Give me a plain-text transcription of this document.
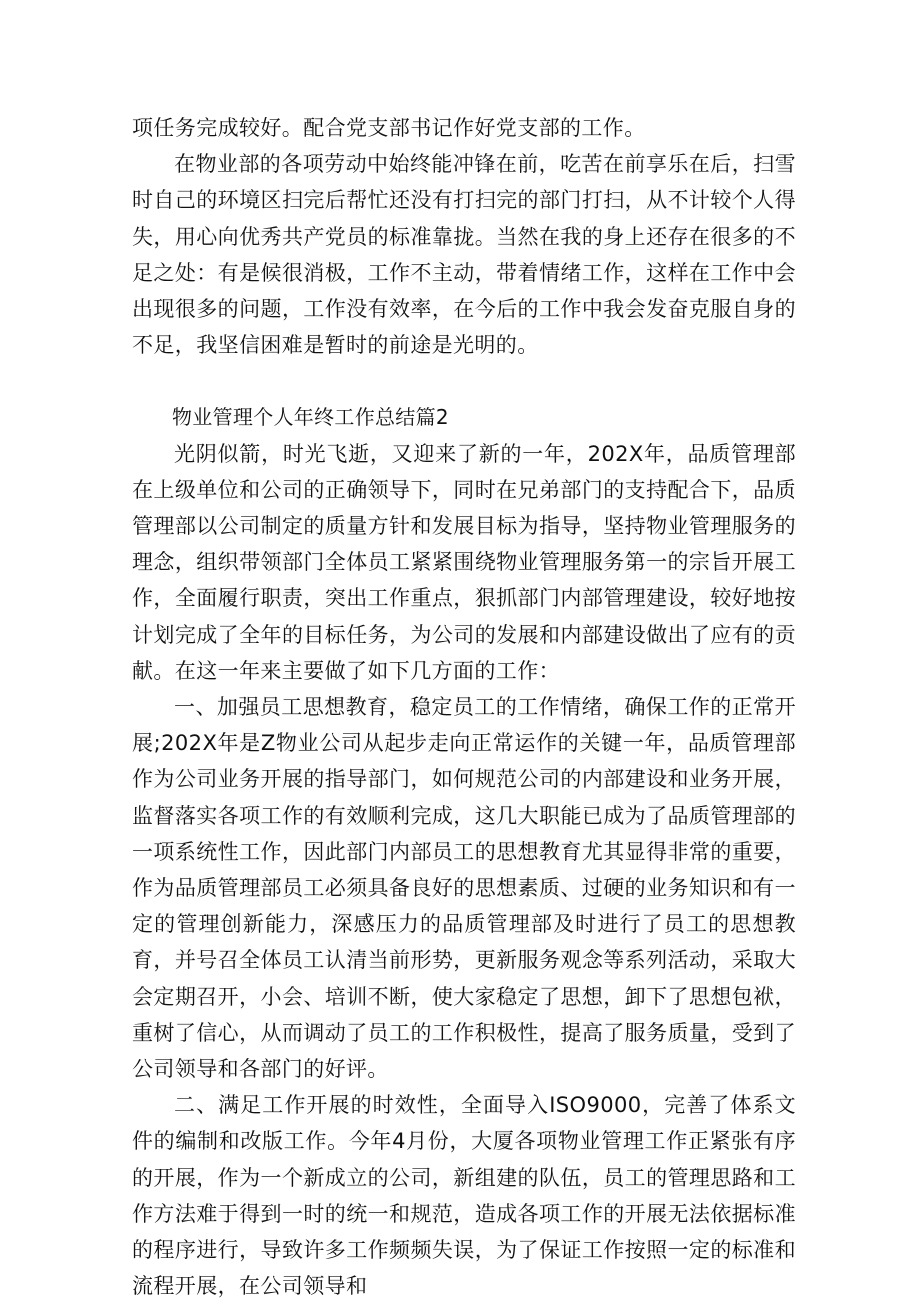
项任务完成较好。配合党支部书记作好党支部的工作。

在物业部的各项劳动中始终能冲锋在前，吃苦在前享乐在后，扫雪时自己的环境区扫完后帮忙还没有打扫完的部门打扫，从不计较个人得失，用心向优秀共产党员的标准靠拢。当然在我的身上还存在很多的不足之处：有是候很消极，工作不主动，带着情绪工作，这样在工作中会出现很多的问题，工作没有效率，在今后的工作中我会发奋克服自身的不足，我坚信困难是暂时的前途是光明的。

物业管理个人年终工作总结篇2

光阴似箭，时光飞逝，又迎来了新的一年，202X年，品质管理部在上级单位和公司的正确领导下，同时在兄弟部门的支持配合下，品质管理部以公司制定的质量方针和发展目标为指导，坚持物业管理服务的理念，组织带领部门全体员工紧紧围绕物业管理服务第一的宗旨开展工作，全面履行职责，突出工作重点，狠抓部门内部管理建设，较好地按计划完成了全年的目标任务，为公司的发展和内部建设做出了应有的贡献。在这一年来主要做了如下几方面的工作：

一、加强员工思想教育，稳定员工的工作情绪，确保工作的正常开展;202X年是Z物业公司从起步走向正常运作的关键一年，品质管理部作为公司业务开展的指导部门，如何规范公司的内部建设和业务开展，监督落实各项工作的有效顺利完成，这几大职能已成为了品质管理部的一项系统性工作，因此部门内部员工的思想教育尤其显得非常的重要，作为品质管理部员工必须具备良好的思想素质、过硬的业务知识和有一定的管理创新能力，深感压力的品质管理部及时进行了员工的思想教育，并号召全体员工认清当前形势，更新服务观念等系列活动，采取大会定期召开，小会、培训不断，使大家稳定了思想，卸下了思想包袱，重树了信心，从而调动了员工的工作积极性，提高了服务质量，受到了公司领导和各部门的好评。

二、满足工作开展的时效性，全面导入ISO9000，完善了体系文件的编制和改版工作。今年4月份，大厦各项物业管理工作正紧张有序的开展，作为一个新成立的公司，新组建的队伍，员工的管理思路和工作方法难于得到一时的统一和规范，造成各项工作的开展无法依据标准的程序进行，导致许多工作频频失误，为了保证工作按照一定的标准和流程开展，在公司领导和
